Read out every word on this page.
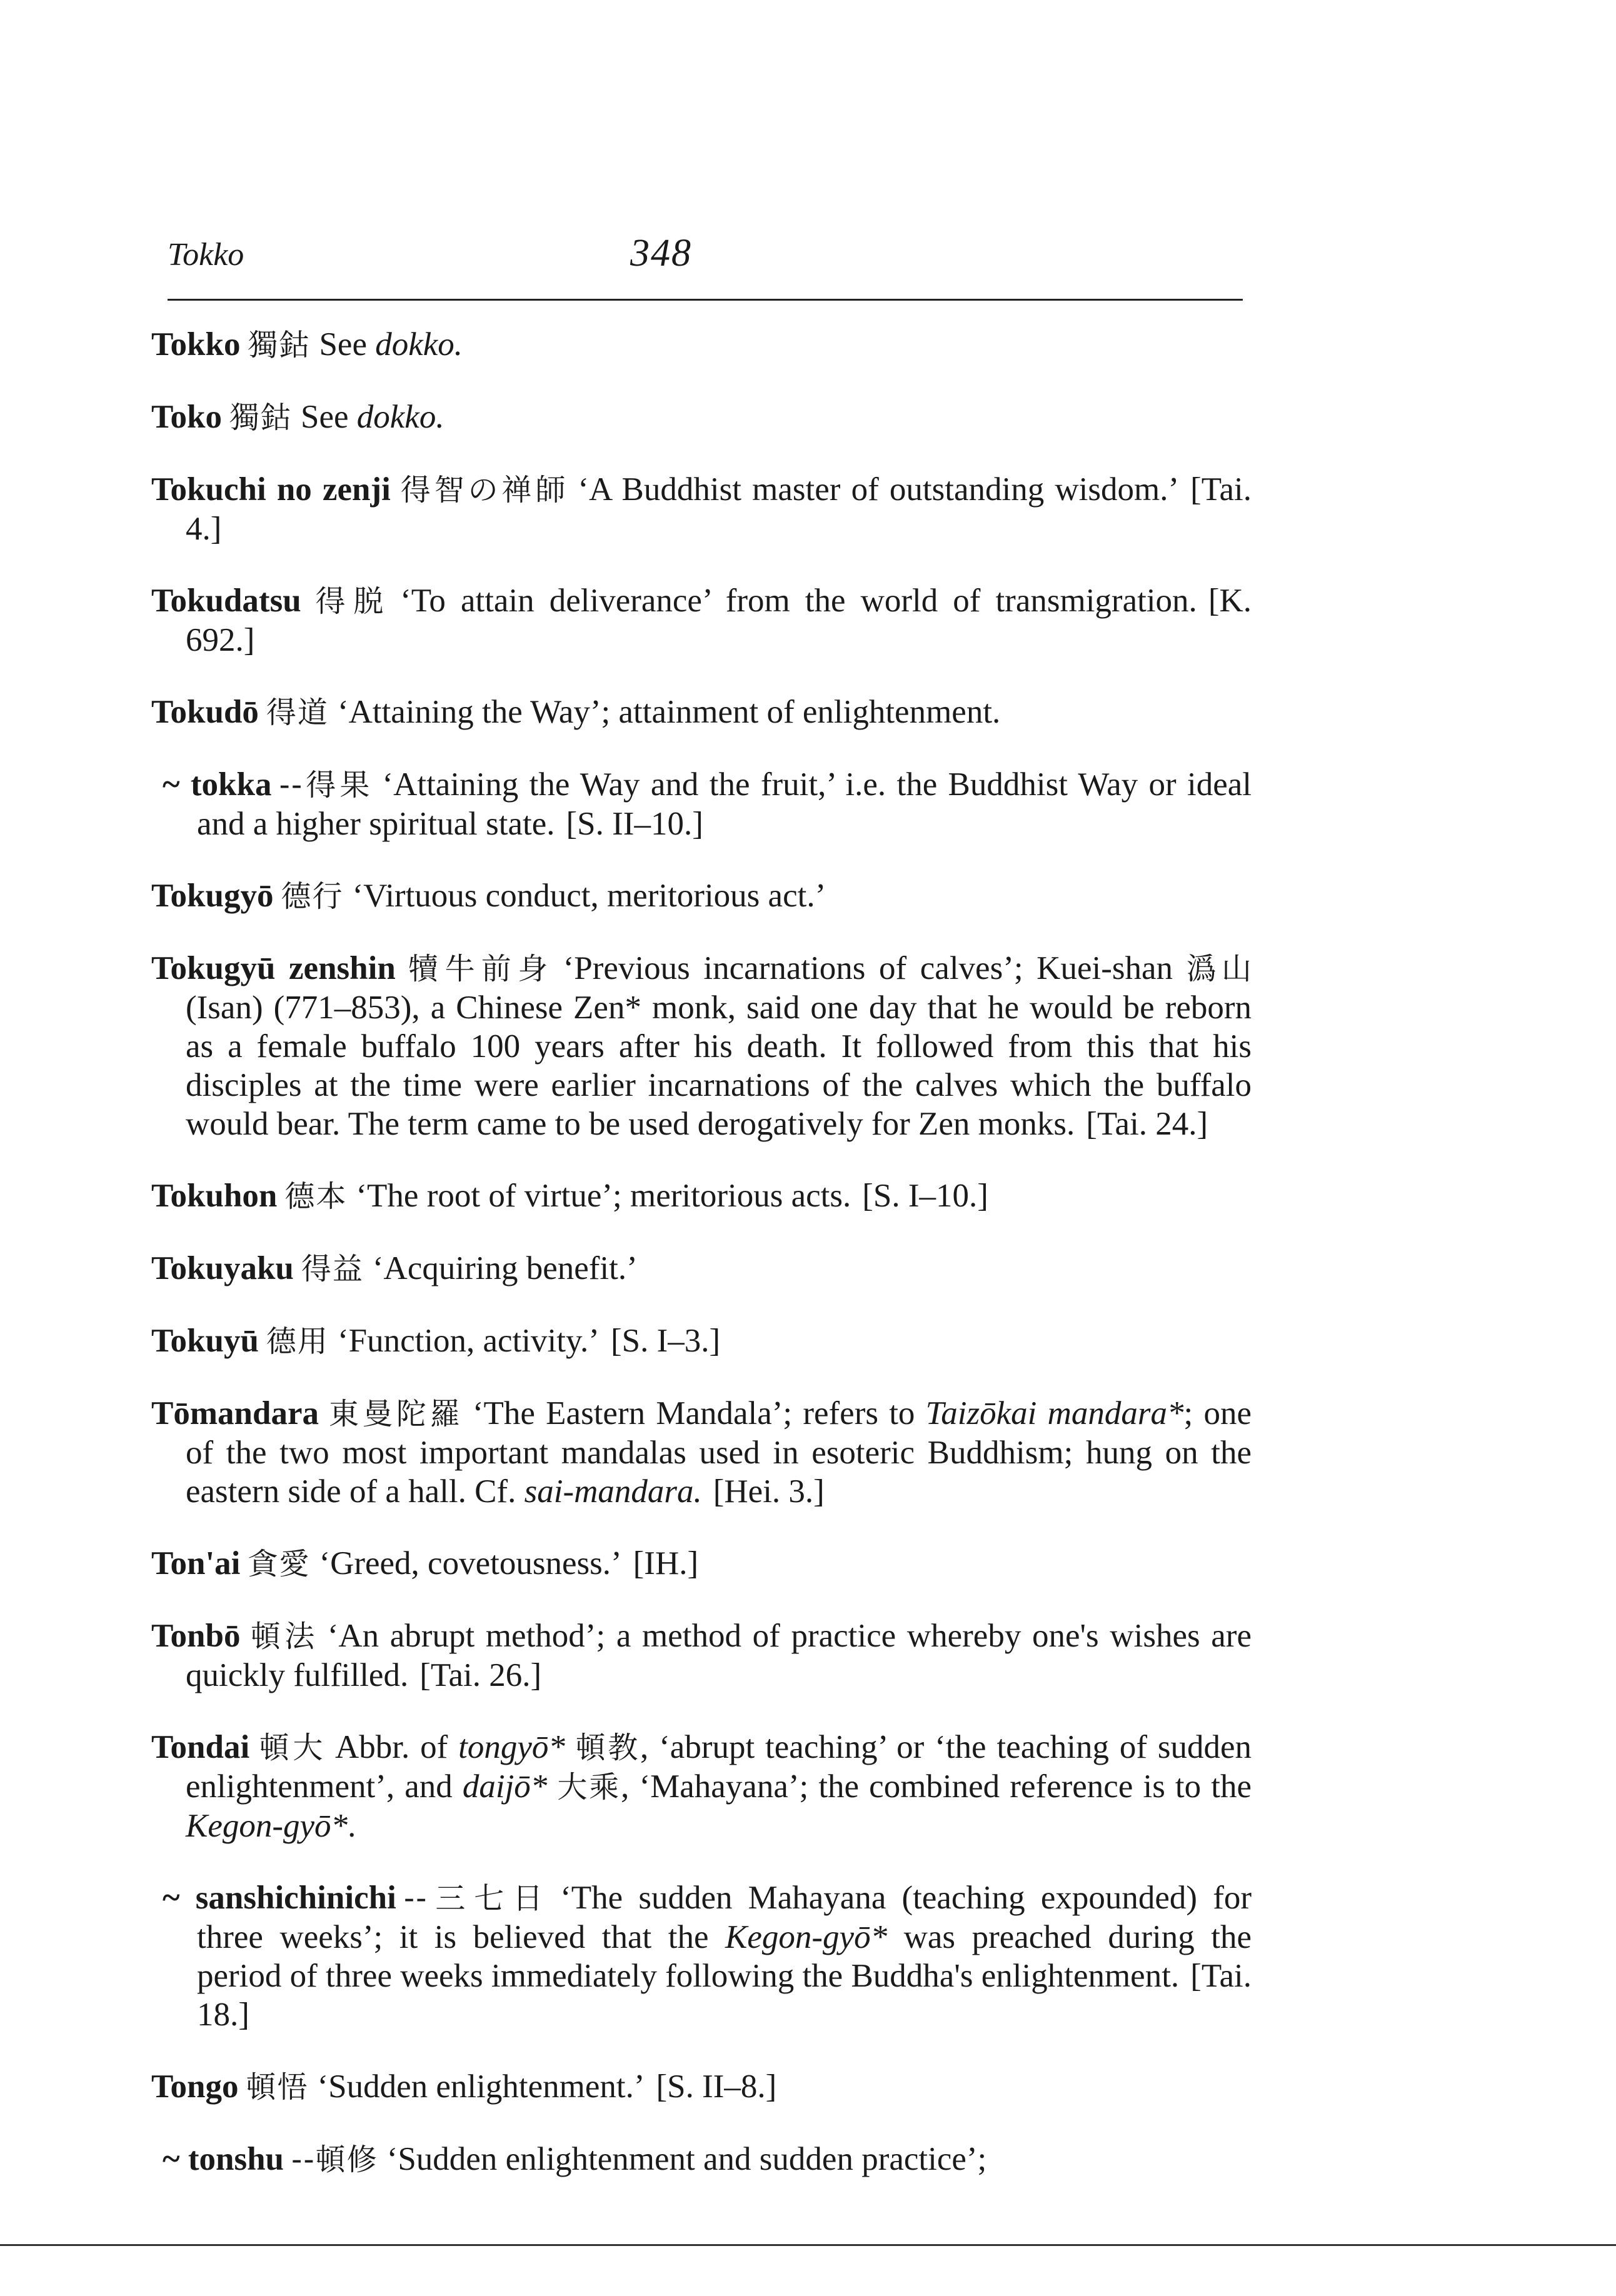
Tokko	348

Tokko 獨鈷 See dokko.

Toko 獨鈷 See dokko.

Tokuchi no zenji 得智の禅師 ‘A Buddhist master of outstanding wisdom.’ [Tai. 4.]

Tokudatsu 得脱 ‘To attain deliverance’ from the world of transmigration. [K. 692.]

Tokudō 得道 ‘Attaining the Way’; attainment of enlightenment.

~ tokka --得果 ‘Attaining the Way and the fruit,’ i.e. the Buddhist Way or ideal and a higher spiritual state. [S. II–10.]

Tokugyō 德行 ‘Virtuous conduct, meritorious act.’

Tokugyū zenshin 犢牛前身 ‘Previous incarnations of calves’; Kuei-shan 潙山 (Isan) (771–853), a Chinese Zen* monk, said one day that he would be reborn as a female buffalo 100 years after his death. It followed from this that his disciples at the time were earlier incarnations of the calves which the buffalo would bear. The term came to be used derogatively for Zen monks. [Tai. 24.]

Tokuhon 德本 ‘The root of virtue’; meritorious acts. [S. I–10.]

Tokuyaku 得益 ‘Acquiring benefit.’

Tokuyū 德用 ‘Function, activity.’ [S. I–3.]

Tōmandara 東曼陀羅 ‘The Eastern Mandala’; refers to Taizōkai mandara*; one of the two most important mandalas used in esoteric Buddhism; hung on the eastern side of a hall. Cf. sai-mandara. [Hei. 3.]

Ton'ai 貪愛 ‘Greed, covetousness.’ [IH.]

Tonbō 頓法 ‘An abrupt method’; a method of practice whereby one's wishes are quickly fulfilled. [Tai. 26.]

Tondai 頓大 Abbr. of tongyō* 頓教, ‘abrupt teaching’ or ‘the teaching of sudden enlightenment’, and daijō* 大乘, ‘Mahayana’; the combined reference is to the Kegon-gyō*.

~ sanshichinichi --三七日 ‘The sudden Mahayana (teaching expounded) for three weeks’; it is believed that the Kegon-gyō* was preached during the period of three weeks immediately following the Buddha's enlightenment. [Tai. 18.]

Tongo 頓悟 ‘Sudden enlightenment.’ [S. II–8.]

~ tonshu --頓修 ‘Sudden enlightenment and sudden practice’;
